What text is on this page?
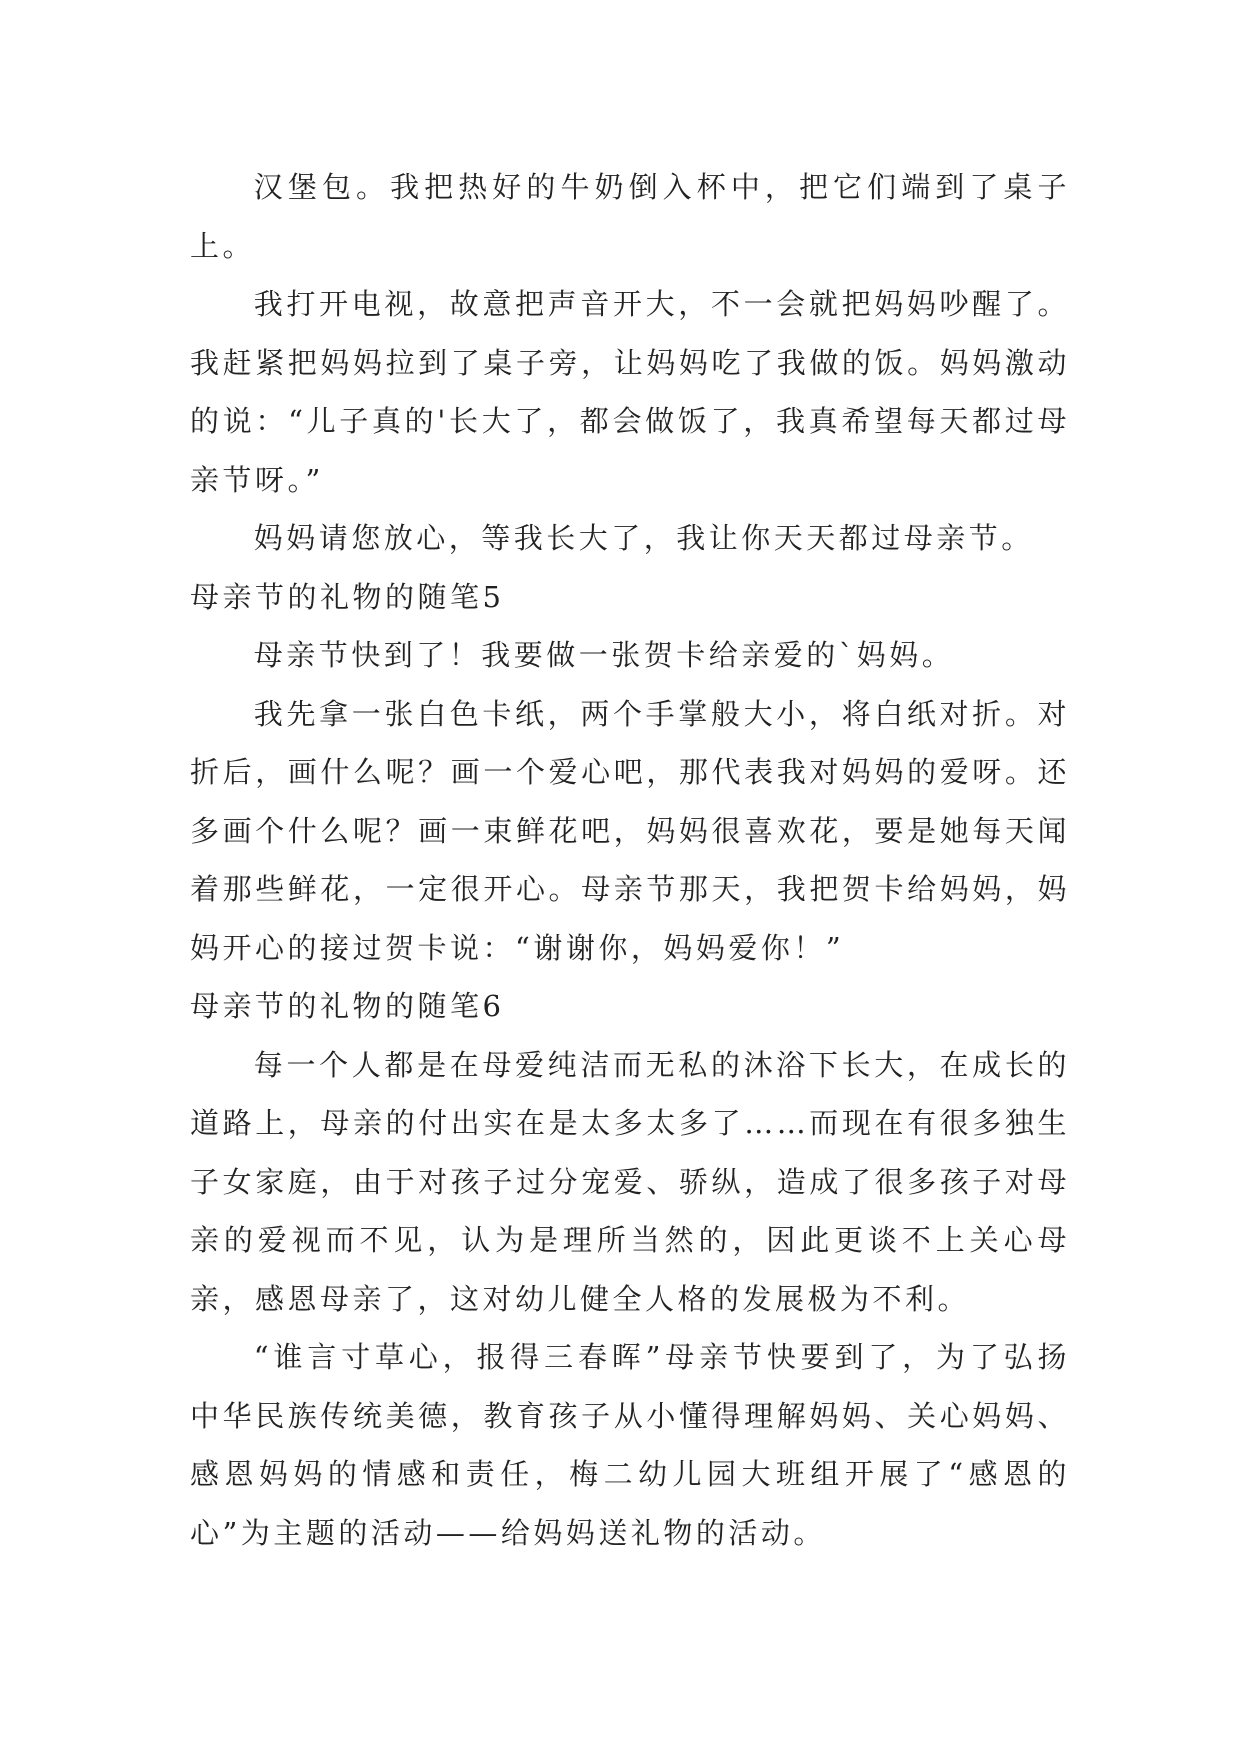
汉堡包。我把热好的牛奶倒入杯中，把它们端到了桌子上。

我打开电视，故意把声音开大，不一会就把妈妈吵醒了。我赶紧把妈妈拉到了桌子旁，让妈妈吃了我做的饭。妈妈激动的说：“儿子真的'长大了，都会做饭了，我真希望每天都过母亲节呀。”

妈妈请您放心，等我长大了，我让你天天都过母亲节。

母亲节的礼物的随笔5

母亲节快到了！我要做一张贺卡给亲爱的`妈妈。

我先拿一张白色卡纸，两个手掌般大小，将白纸对折。对折后，画什么呢？画一个爱心吧，那代表我对妈妈的爱呀。还多画个什么呢？画一束鲜花吧，妈妈很喜欢花，要是她每天闻着那些鲜花，一定很开心。母亲节那天，我把贺卡给妈妈，妈妈开心的接过贺卡说：“谢谢你，妈妈爱你！”

母亲节的礼物的随笔6

每一个人都是在母爱纯洁而无私的沐浴下长大，在成长的道路上，母亲的付出实在是太多太多了……而现在有很多独生子女家庭，由于对孩子过分宠爱、骄纵，造成了很多孩子对母亲的爱视而不见，认为是理所当然的，因此更谈不上关心母亲，感恩母亲了，这对幼儿健全人格的发展极为不利。

“谁言寸草心，报得三春晖”母亲节快要到了，为了弘扬中华民族传统美德，教育孩子从小懂得理解妈妈、关心妈妈、感恩妈妈的情感和责任，梅二幼儿园大班组开展了“感恩的心”为主题的活动——给妈妈送礼物的活动。
